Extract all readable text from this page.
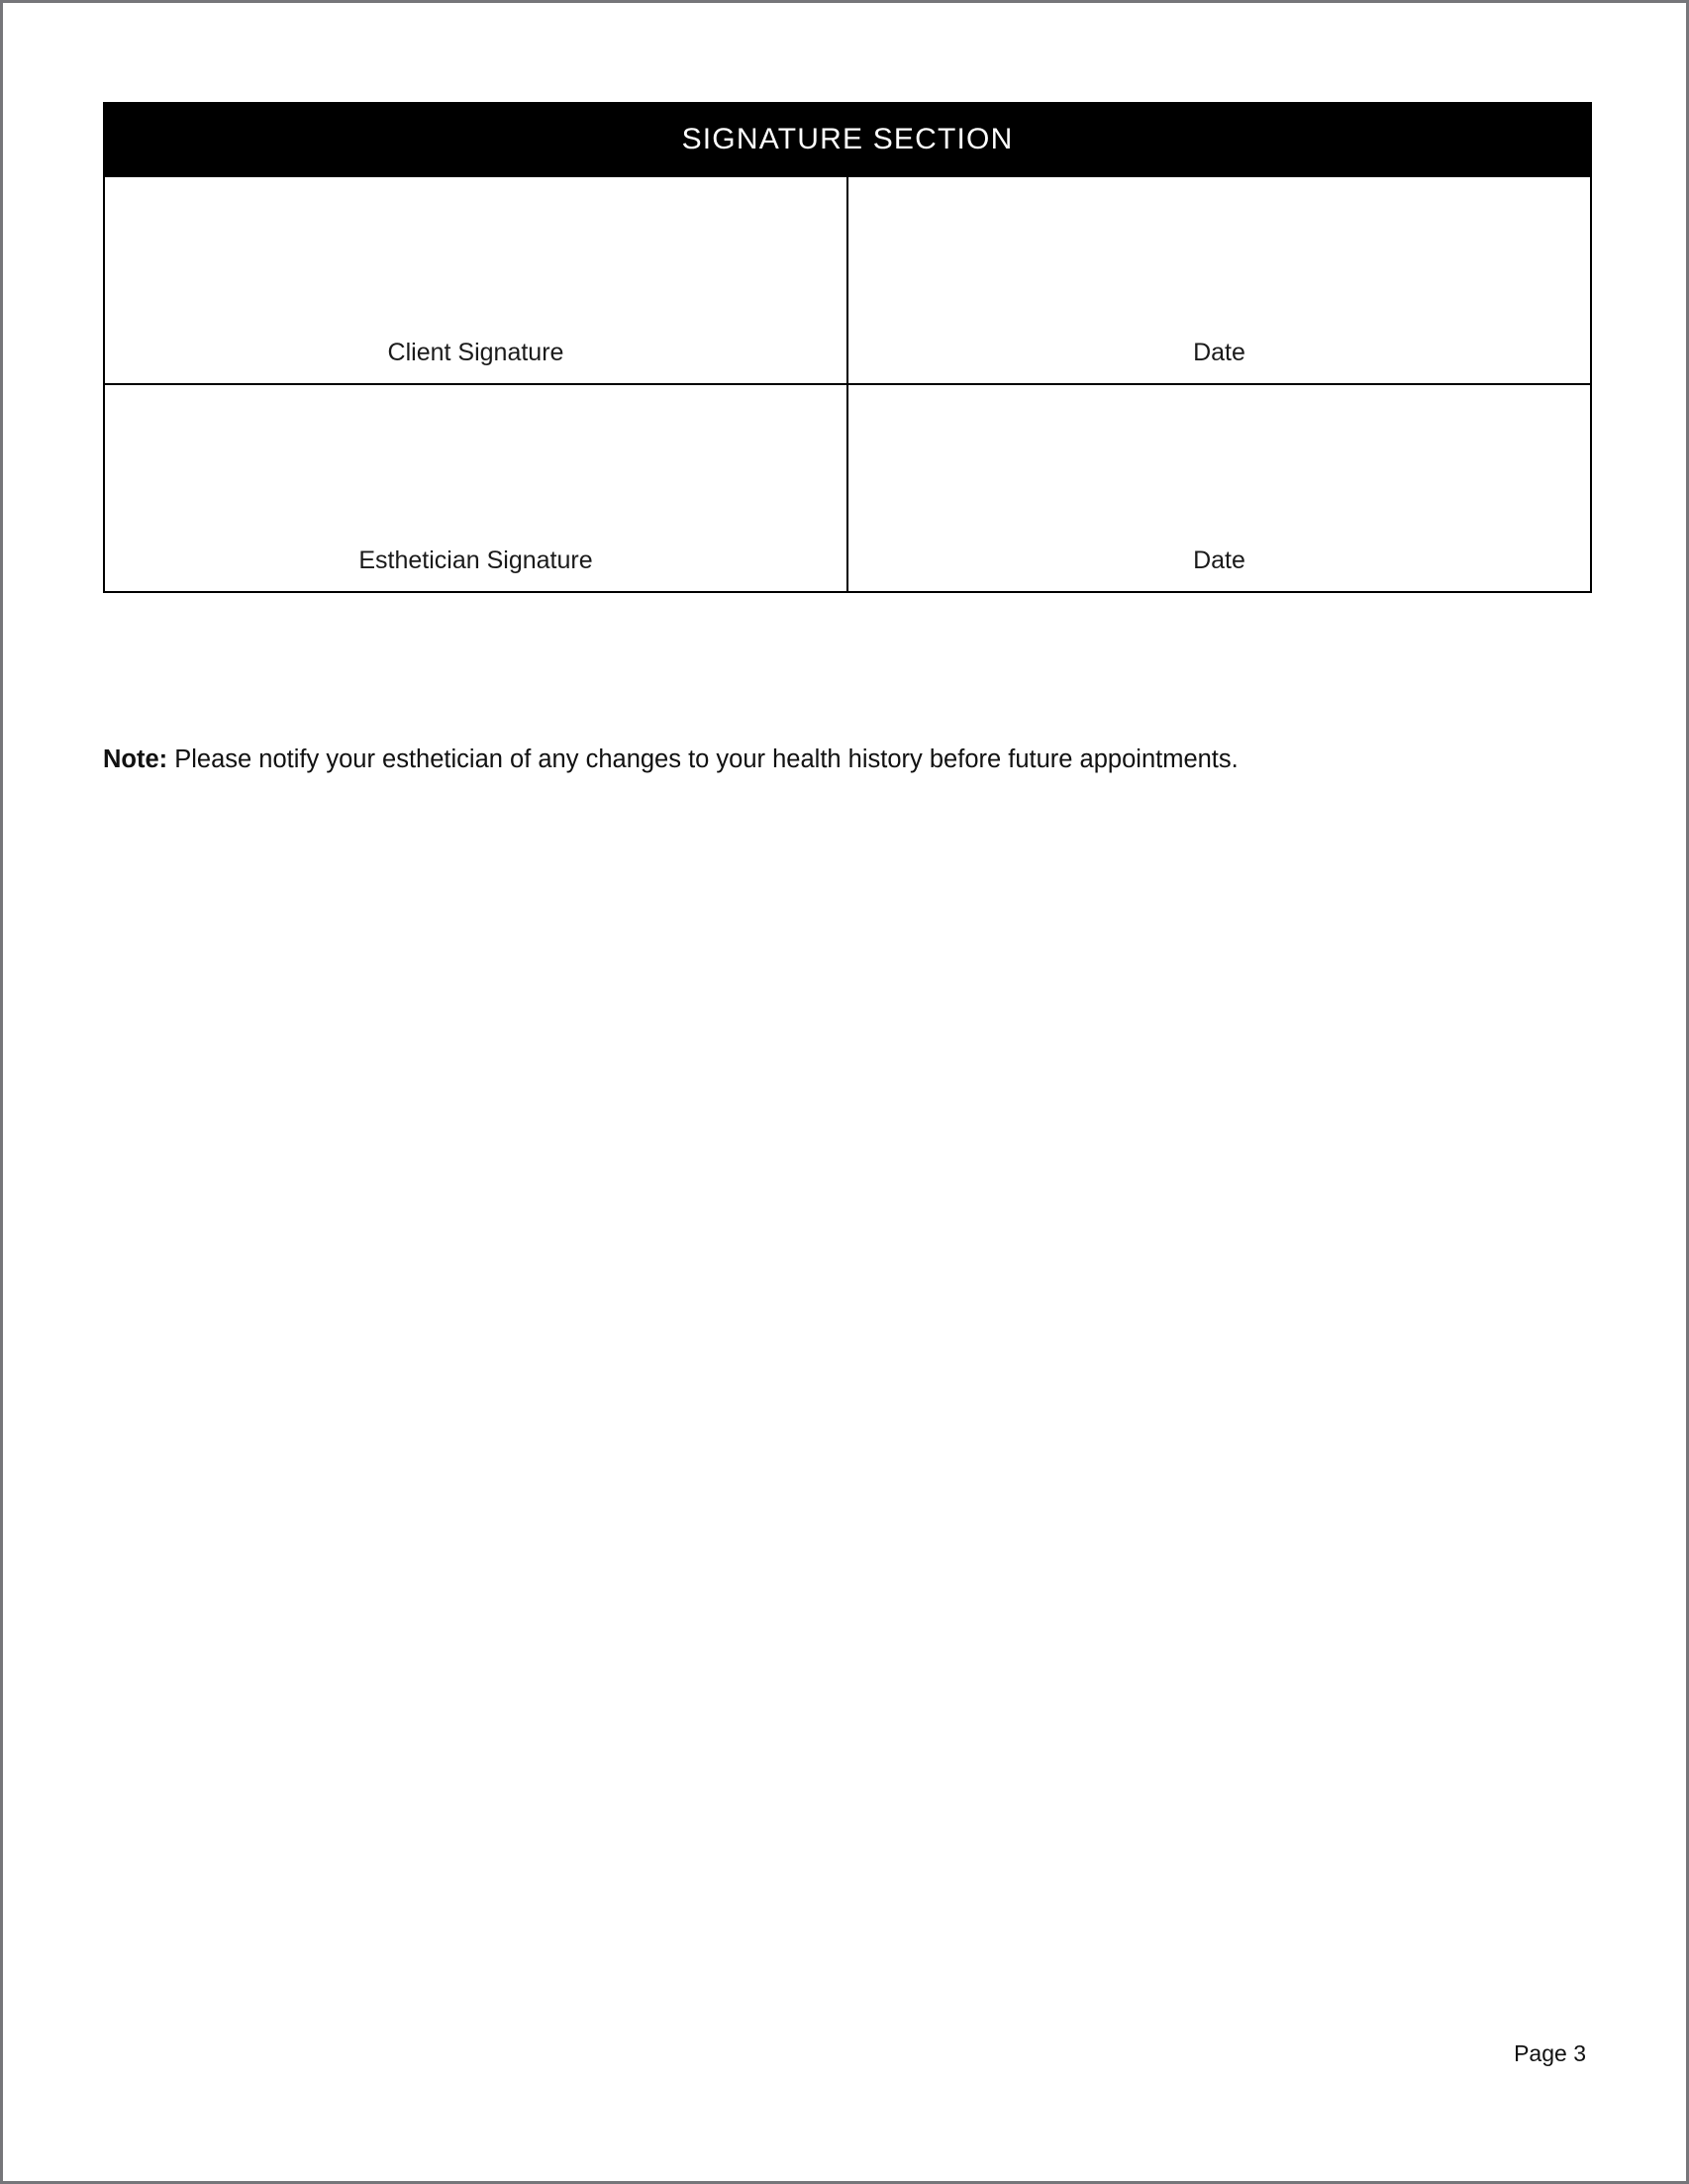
SIGNATURE SECTION	

Client Signature	Date

Esthetician Signature	Date

Note: Please notify your esthetician of any changes to your health history before future appointments.

Page 3
